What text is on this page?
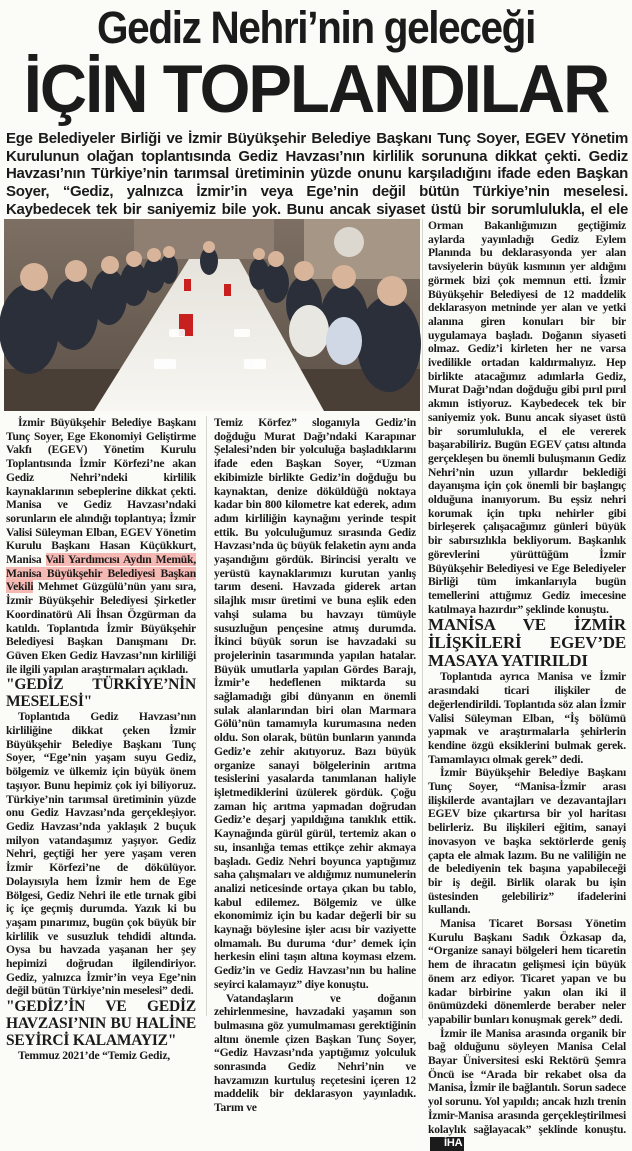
Gediz Nehri’nin geleceği
İÇİN TOPLANDILAR
Ege Belediyeler Birliği ve İzmir Büyükşehir Belediye Başkanı Tunç Soyer, EGEV Yönetim Kurulunun olağan toplantısında Gediz Havzası’nın kirlilik sorununa dikkat çekti. Gediz Havzası’nın Türkiye’nin tarımsal üretiminin yüzde onunu karşıladığını ifade eden Başkan Soyer, “Gediz, yalnızca İzmir’in veya Ege’nin değil bütün Türkiye’nin meselesi. Kaybedecek tek bir saniyemiz bile yok. Bunu ancak siyaset üstü bir sorumlulukla, el ele

İzmir Büyükşehir Belediye Başkanı Tunç Soyer, Ege Ekonomiyi Geliştirme Vakfı (EGEV) Yönetim Kurulu Toplantısında İzmir Körfezi’ne akan Gediz Nehri’ndeki kirlilik kaynaklarının sebeplerine dikkat çekti. Manisa ve Gediz Havzası’ndaki sorunların ele alındığı toplantıya; İzmir Valisi Süleyman Elban, EGEV Yönetim Kurulu Başkanı Hasan Küçükkurt, Manisa Vali Yardımcısı Aydın Memük, Manisa Büyükşehir Belediyesi Başkan Vekili Mehmet Güzgülü’nün yanı sıra, İzmir Büyükşehir Belediyesi Şirketler Koordinatörü Ali İhsan Özgürman da katıldı. Toplantıda İzmir Büyükşehir Belediyesi Başkan Danışmanı Dr. Güven Eken Gediz Havzası’nın kirliliği ile ilgili yapılan araştırmaları açıkladı.

"GEDİZ TÜRKİYE’NİN MESELESİ"

Toplantıda Gediz Havzası’nın kirliliğine dikkat çeken İzmir Büyükşehir Belediye Başkanı Tunç Soyer, “Ege’nin yaşam suyu Gediz, bölgemiz ve ülkemiz için büyük önem taşıyor. Bunu hepimiz çok iyi biliyoruz. Türkiye’nin tarımsal üretiminin yüzde onu Gediz Havzası’nda gerçekleşiyor. Gediz Havzası’nda yaklaşık 2 buçuk milyon vatandaşımız yaşıyor. Gediz Nehri, geçtiği her yere yaşam veren İzmir Körfezi’ne de dökülüyor. Dolayısıyla hem İzmir hem de Ege Bölgesi, Gediz Nehri ile etle tırnak gibi iç içe geçmiş durumda. Yazık ki bu yaşam pınarımız, bugün çok büyük bir kirlilik ve susuzluk tehdidi altında. Oysa bu havzada yaşanan her şey hepimizi doğrudan ilgilendiriyor. Gediz, yalnızca İzmir’in veya Ege’nin değil bütün Türkiye’nin meselesi” dedi.

"GEDİZ’İN VE GEDİZ HAVZASI’NIN BU HALİNE SEYİRCİ KALAMAYIZ"

Temmuz 2021’de “Temiz Gediz,

Temiz Körfez” sloganıyla Gediz’in doğduğu Murat Dağı’ndaki Karapınar Şelalesi’nden bir yolculuğa başladıklarını ifade eden Başkan Soyer, “Uzman ekibimizle birlikte Gediz’in doğduğu bu kaynaktan, denize döküldüğü noktaya kadar bin 800 kilometre kat ederek, adım adım kirliliğin kaynağını yerinde tespit ettik. Bu yolculuğumuz sırasında Gediz Havzası’nda üç büyük felaketin aynı anda yaşandığını gördük. Birincisi yeraltı ve yerüstü kaynaklarımızı kurutan yanlış tarım deseni. Havzada giderek artan silajlık mısır üretimi ve buna eşlik eden vahşi sulama bu havzayı tümüyle susuzluğun pençesine atmış durumda. İkinci büyük sorun ise havzadaki su projelerinin tasarımında yapılan hatalar. Büyük umutlarla yapılan Gördes Barajı, İzmir’e hedeflenen miktarda su sağlamadığı gibi dünyanın en önemli sulak alanlarından biri olan Marmara Gölü’nün tamamıyla kurumasına neden oldu. Son olarak, bütün bunların yanında Gediz’e zehir akıtıyoruz. Bazı büyük organize sanayi bölgelerinin arıtma tesislerini yasalarda tanımlanan haliyle işletmediklerini üzülerek gördük. Çoğu zaman hiç arıtma yapmadan doğrudan Gediz’e deşarj yapıldığına tanıklık ettik. Kaynağında gürül gürül, tertemiz akan o su, insanlığa temas ettikçe zehir akmaya başladı. Gediz Nehri boyunca yaptığımız saha çalışmaları ve aldığımız numunelerin analizi neticesinde ortaya çıkan bu tablo, kabul edilemez. Bölgemiz ve ülke ekonomimiz için bu kadar değerli bir su kaynağı böylesine işler acısı bir vaziyette olmamalı. Bu duruma ‘dur’ demek için herkesin elini taşın altına koyması elzem. Gediz’in ve Gediz Havzası’nın bu haline seyirci kalamayız” diye konuştu.

Vatandaşların ve doğanın zehirlenmesine, havzadaki yaşamın son bulmasına göz yumulmaması gerektiğinin altını önemle çizen Başkan Tunç Soyer, “Gediz Havzası’nda yaptığımız yolculuk sonrasında Gediz Nehri’nin ve havzamızın kurtuluş reçetesini içeren 12 maddelik bir deklarasyon yayınladık. Tarım ve

Orman Bakanlığımızın geçtiğimiz aylarda yayınladığı Gediz Eylem Planında bu deklarasyonda yer alan tavsiyelerin büyük kısmının yer aldığını görmek bizi çok memnun etti. İzmir Büyükşehir Belediyesi de 12 maddelik deklarasyon metninde yer alan ve yetki alanına giren konuları bir bir uygulamaya başladı. Doğanın siyaseti olmaz. Gediz’i kirleten her ne varsa ivedilikle ortadan kaldırmalıyız. Hep birlikte atacağımız adımlarla Gediz, Murat Dağı’ndan doğduğu gibi pırıl pırıl akmın istiyoruz. Kaybedecek tek bir saniyemiz yok. Bunu ancak siyaset üstü bir sorumlulukla, el ele vererek başarabiliriz. Bugün EGEV çatısı altında gerçekleşen bu önemli buluşmanın Gediz Nehri’nin uzun yıllardır beklediği dayanışma için çok önemli bir başlangıç olduğuna inanıyorum. Bu eşsiz nehri korumak için tıpkı nehirler gibi birleşerek çalışacağımız günleri büyük bir sabırsızlıkla bekliyorum. Başkanlık görevlerini yürüttüğüm İzmir Büyükşehir Belediyesi ve Ege Belediyeler Birliği tüm imkanlarıyla bugün temellerini attığımız Gediz imecesine katılmaya hazırdır” şeklinde konuştu.

MANİSA VE İZMİR İLİŞKİLERİ EGEV’DE MASAYA YATIRILDI

Toplantıda ayrıca Manisa ve İzmir arasındaki ticari ilişkiler de değerlendirildi. Toplantıda söz alan İzmir Valisi Süleyman Elban, “İş bölümü yapmak ve araştırmalarla şehirlerin kendine özgü eksiklerini bulmak gerek. Tamamlayıcı olmak gerek” dedi.

İzmir Büyükşehir Belediye Başkanı Tunç Soyer, “Manisa-İzmir arası ilişkilerde avantajları ve dezavantajları EGEV bize çıkartırsa bir yol haritası belirleriz. Bu ilişkileri eğitim, sanayi inovasyon ve başka sektörlerde geniş çapta ele almak lazım. Bu ne valiliğin ne de belediyenin tek başına yapabileceği bir iş değil. Birlik olarak bu işin üstesinden gelebiliriz” ifadelerini kullandı.

Manisa Ticaret Borsası Yönetim Kurulu Başkanı Sadık Özkasap da, “Organize sanayi bölgeleri hem ticaretin hem de ihracatın gelişmesi için büyük önem arz ediyor. Ticaret yapan ve bu kadar birbirine yakın olan iki il önümüzdeki dönemlerde beraber neler yapabilir bunları konuşmak gerek” dedi.

İzmir ile Manisa arasında organik bir bağ olduğunu söyleyen Manisa Celal Bayar Üniversitesi eski Rektörü Şemra Öncü ise “Arada bir rekabet olsa da Manisa, İzmir ile bağlantılı. Sorun sadece yol sorunu. Yol yapıldı; ancak hızlı trenin İzmir-Manisa arasında gerçekleştirilmesi kolaylık sağlayacak” şeklinde konuştu. İHA
